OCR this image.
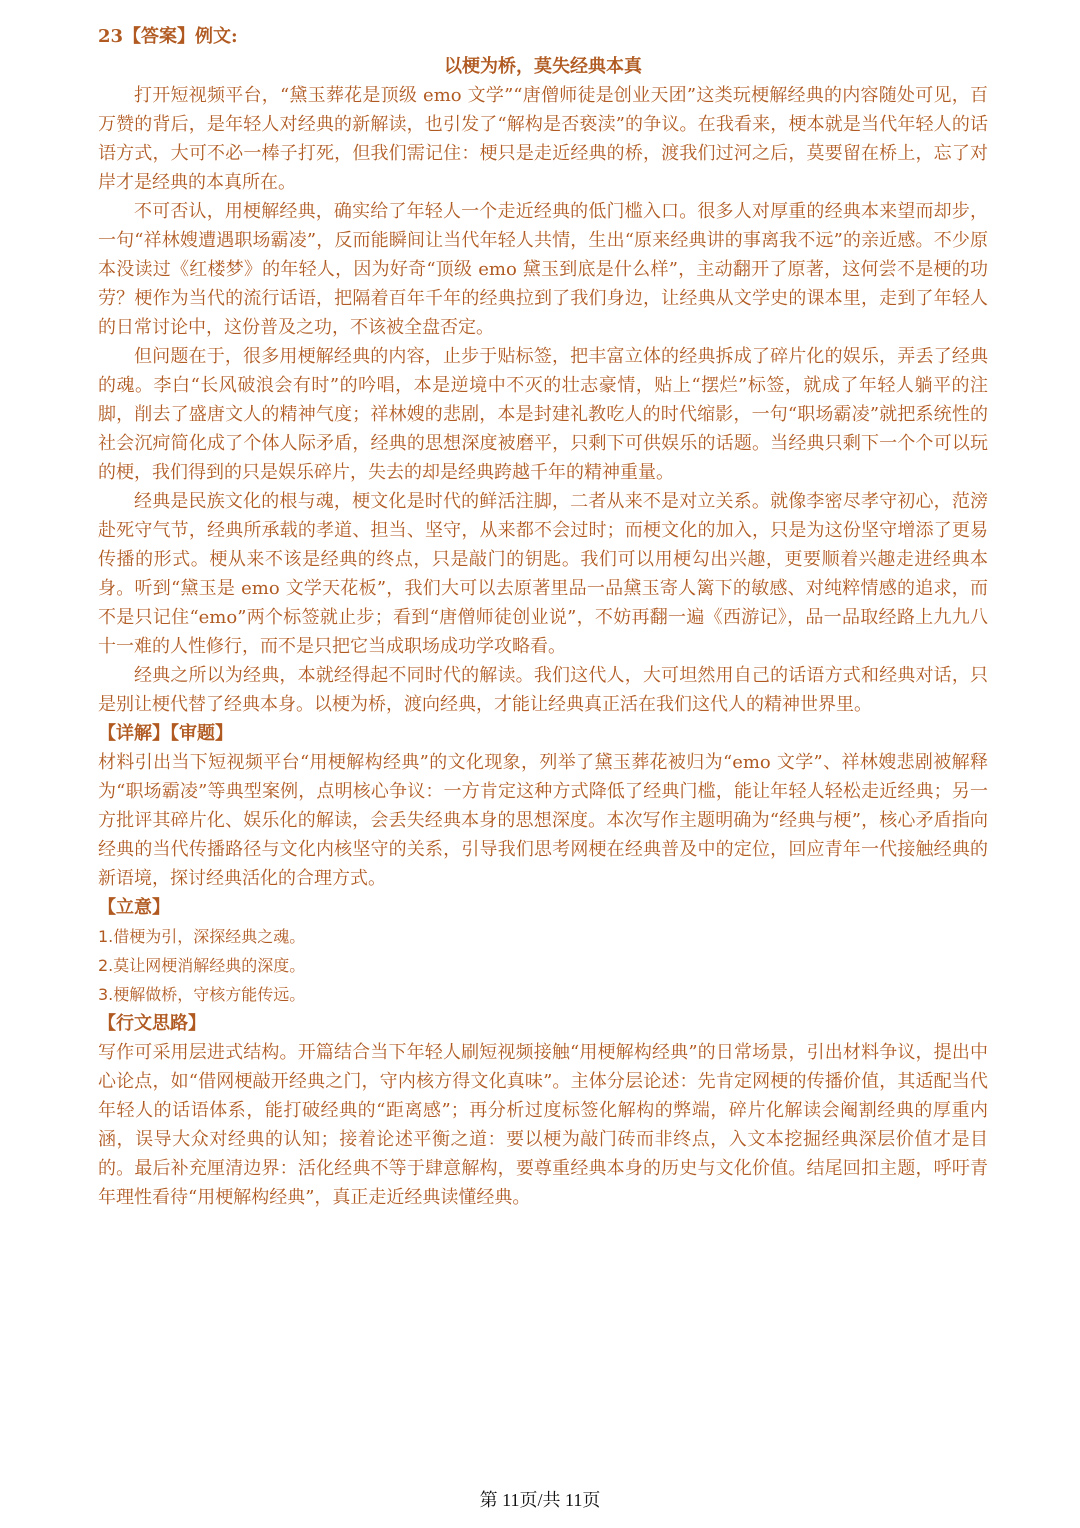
23【答案】例文:
以梗为桥，莫失经典本真

打开短视频平台，“黛玉葬花是顶级 emo 文学”“唐僧师徒是创业天团”这类玩梗解经典的内容随处可见，百万赞的背后，是年轻人对经典的新解读，也引发了“解构是否亵渎”的争议。在我看来，梗本就是当代年轻人的话语方式，大可不必一棒子打死，但我们需记住：梗只是走近经典的桥，渡我们过河之后，莫要留在桥上，忘了对岸才是经典的本真所在。

不可否认，用梗解经典，确实给了年轻人一个走近经典的低门槛入口。很多人对厚重的经典本来望而却步，一句“祥林嫂遭遇职场霸凌”，反而能瞬间让当代年轻人共情，生出“原来经典讲的事离我不远”的亲近感。不少原本没读过《红楼梦》的年轻人，因为好奇“顶级 emo 黛玉到底是什么样”，主动翻开了原著，这何尝不是梗的功劳？梗作为当代的流行话语，把隔着百年千年的经典拉到了我们身边，让经典从文学史的课本里，走到了年轻人的日常讨论中，这份普及之功，不该被全盘否定。

但问题在于，很多用梗解经典的内容，止步于贴标签，把丰富立体的经典拆成了碎片化的娱乐，弄丢了经典的魂。李白“长风破浪会有时”的吟唱，本是逆境中不灭的壮志豪情，贴上“摆烂”标签，就成了年轻人躺平的注脚，削去了盛唐文人的精神气度；祥林嫂的悲剧，本是封建礼教吃人的时代缩影，一句“职场霸凌”就把系统性的社会沉疴简化成了个体人际矛盾，经典的思想深度被磨平，只剩下可供娱乐的话题。当经典只剩下一个个可以玩的梗，我们得到的只是娱乐碎片，失去的却是经典跨越千年的精神重量。

经典是民族文化的根与魂，梗文化是时代的鲜活注脚，二者从来不是对立关系。就像李密尽孝守初心，范滂赴死守气节，经典所承载的孝道、担当、坚守，从来都不会过时；而梗文化的加入，只是为这份坚守增添了更易传播的形式。梗从来不该是经典的终点，只是敲门的钥匙。我们可以用梗勾出兴趣，更要顺着兴趣走进经典本身。听到“黛玉是 emo 文学天花板”，我们大可以去原著里品一品黛玉寄人篱下的敏感、对纯粹情感的追求，而不是只记住“emo”两个标签就止步；看到“唐僧师徒创业说”，不妨再翻一遍《西游记》，品一品取经路上九九八十一难的人性修行，而不是只把它当成职场成功学攻略看。

经典之所以为经典，本就经得起不同时代的解读。我们这代人，大可坦然用自己的话语方式和经典对话，只是别让梗代替了经典本身。以梗为桥，渡向经典，才能让经典真正活在我们这代人的精神世界里。

【详解】【审题】

材料引出当下短视频平台“用梗解构经典”的文化现象，列举了黛玉葬花被归为“emo 文学”、祥林嫂悲剧被解释为“职场霸凌”等典型案例，点明核心争议：一方肯定这种方式降低了经典门槛，能让年轻人轻松走近经典；另一方批评其碎片化、娱乐化的解读，会丢失经典本身的思想深度。本次写作主题明确为“经典与梗”，核心矛盾指向经典的当代传播路径与文化内核坚守的关系，引导我们思考网梗在经典普及中的定位，回应青年一代接触经典的新语境，探讨经典活化的合理方式。

【立意】

1.借梗为引，深探经典之魂。

2.莫让网梗消解经典的深度。

3.梗解做桥，守核方能传远。

【行文思路】

写作可采用层进式结构。开篇结合当下年轻人刷短视频接触“用梗解构经典”的日常场景，引出材料争议，提出中心论点，如“借网梗敲开经典之门，守内核方得文化真味”。主体分层论述：先肯定网梗的传播价值，其适配当代年轻人的话语体系，能打破经典的“距离感”；再分析过度标签化解构的弊端，碎片化解读会阉割经典的厚重内涵，误导大众对经典的认知；接着论述平衡之道：要以梗为敲门砖而非终点，入文本挖掘经典深层价值才是目的。最后补充厘清边界：活化经典不等于肆意解构，要尊重经典本身的历史与文化价值。结尾回扣主题，呼吁青年理性看待“用梗解构经典”，真正走近经典读懂经典。

第 11页/共 11页
